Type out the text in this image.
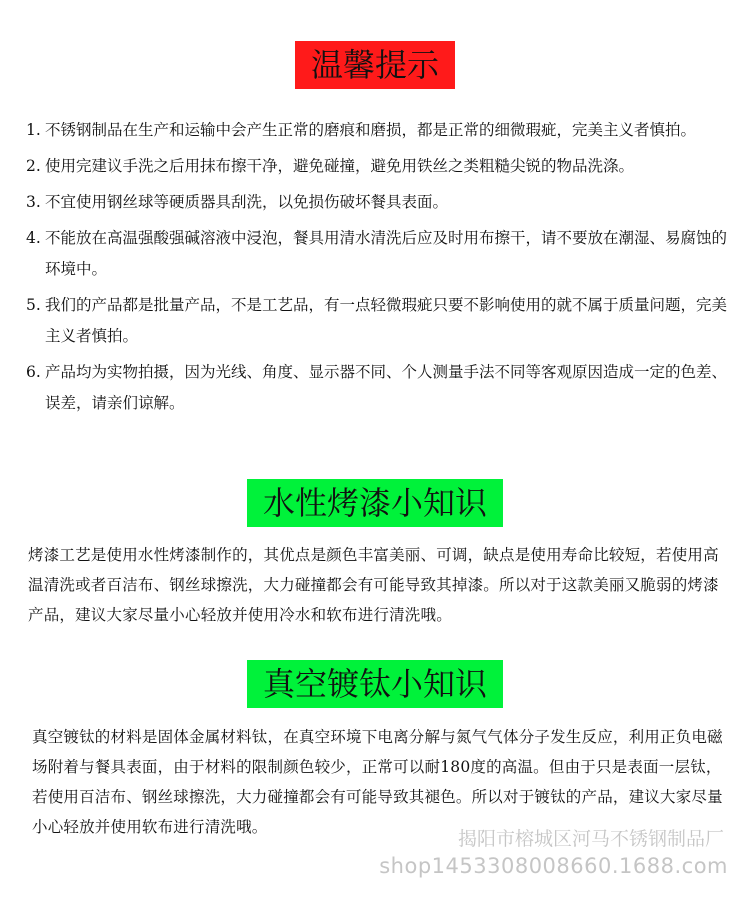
温馨提示
1. 不锈钢制品在生产和运输中会产生正常的磨痕和磨损，都是正常的细微瑕疵，完美主义者慎拍。
2. 使用完建议手洗之后用抹布擦干净，避免碰撞，避免用铁丝之类粗糙尖锐的物品洗涤。
3. 不宜使用钢丝球等硬质器具刮洗，以免损伤破坏餐具表面。
4. 不能放在高温强酸强碱溶液中浸泡，餐具用清水清洗后应及时用布擦干，请不要放在潮湿、易腐蚀的环境中。
5. 我们的产品都是批量产品，不是工艺品，有一点轻微瑕疵只要不影响使用的就不属于质量问题，完美主义者慎拍。
6. 产品均为实物拍摄，因为光线、角度、显示器不同、个人测量手法不同等客观原因造成一定的色差、误差，请亲们谅解。
水性烤漆小知识
烤漆工艺是使用水性烤漆制作的，其优点是颜色丰富美丽、可调，缺点是使用寿命比较短，若使用高温清洗或者百洁布、钢丝球擦洗，大力碰撞都会有可能导致其掉漆。所以对于这款美丽又脆弱的烤漆产品，建议大家尽量小心轻放并使用冷水和软布进行清洗哦。
真空镀钛小知识
真空镀钛的材料是固体金属材料钛，在真空环境下电离分解与氮气气体分子发生反应，利用正负电磁场附着与餐具表面，由于材料的限制颜色较少，正常可以耐180度的高温。但由于只是表面一层钛，若使用百洁布、钢丝球擦洗，大力碰撞都会有可能导致其褪色。所以对于镀钛的产品，建议大家尽量小心轻放并使用软布进行清洗哦。
揭阳市榕城区河马不锈钢制品厂
shop1453308008660.1688.com
